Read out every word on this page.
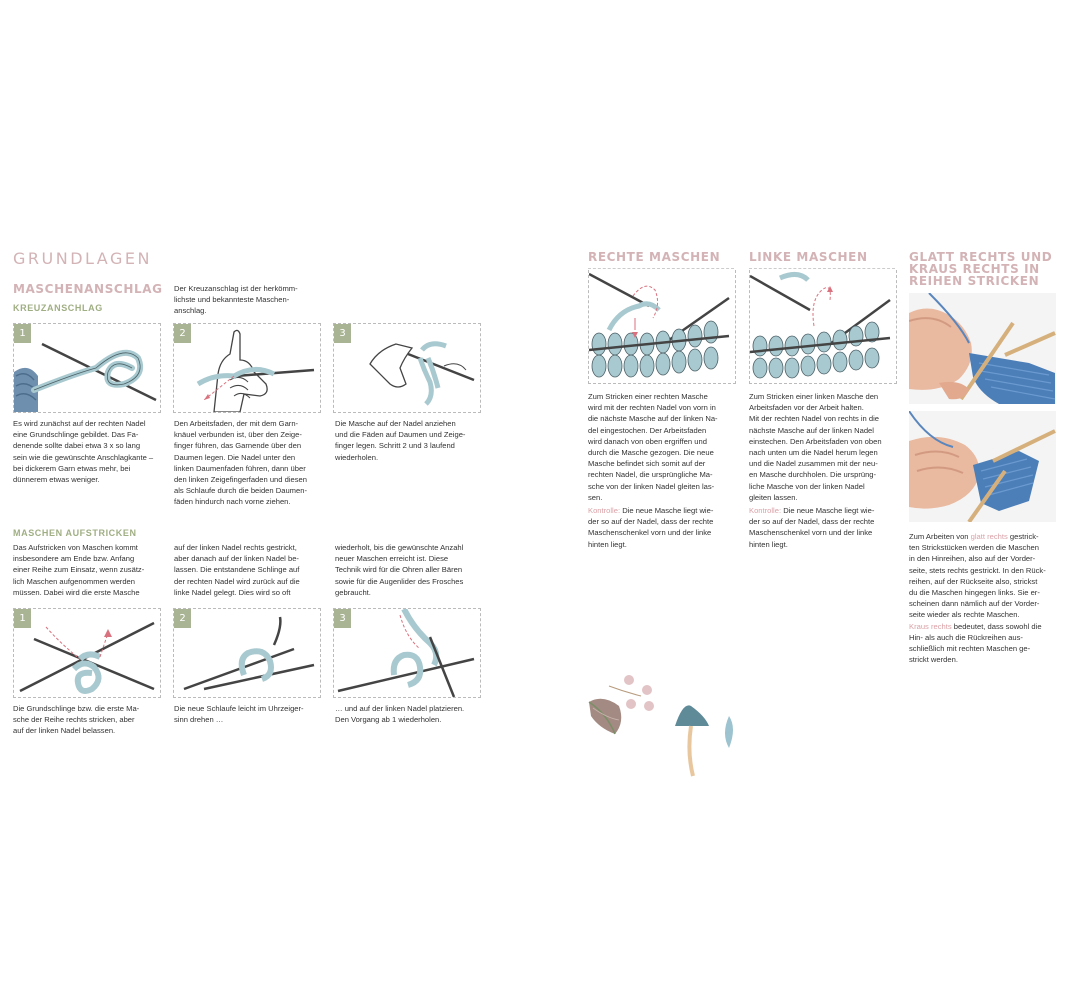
GRUNDLAGEN
MASCHENANSCHLAG
KREUZANSCHLAG

Der Kreuzanschlag ist der herkömm-

lichste und bekannteste Maschen-

anschlag.

1	2	3

Es wird zunächst auf der rechten Nadel

eine Grundschlinge gebildet. Das Fa-

denende sollte dabei etwa 3 x so lang

sein wie die gewünschte Anschlagkante –

bei dickerem Garn etwas mehr, bei

dünnerem etwas weniger.

Den Arbeitsfaden, der mit dem Garn-

knäuel verbunden ist, über den Zeige-

finger führen, das Garnende über den

Daumen legen. Die Nadel unter den

linken Daumenfaden führen, dann über

den linken Zeigefingerfaden und diesen

als Schlaufe durch die beiden Daumen-

fäden hindurch nach vorne ziehen.

Die Masche auf der Nadel anziehen

und die Fäden auf Daumen und Zeige-

finger legen. Schritt 2 und 3 laufend

wiederholen.

MASCHEN AUFSTRICKEN

Das Aufstricken von Maschen kommt

insbesondere am Ende bzw. Anfang

einer Reihe zum Einsatz, wenn zusätz-

lich Maschen aufgenommen werden

müssen. Dabei wird die erste Masche

auf der linken Nadel rechts gestrickt,

aber danach auf der linken Nadel be-

lassen. Die entstandene Schlinge auf

der rechten Nadel wird zurück auf die

linke Nadel gelegt. Dies wird so oft

wiederholt, bis die gewünschte Anzahl

neuer Maschen erreicht ist. Diese

Technik wird für die Ohren aller Bären

sowie für die Augenlider des Frosches

gebraucht.

1	2	3

Die Grundschlinge bzw. die erste Ma-

sche der Reihe rechts stricken, aber

auf der linken Nadel belassen.

Die neue Schlaufe leicht im Uhrzeiger-

sinn drehen …

… und auf der linken Nadel platzieren.

Den Vorgang ab 1 wiederholen.

RECHTE MASCHEN

Zum Stricken einer rechten Masche

wird mit der rechten Nadel von vorn in

die nächste Masche auf der linken Na-

del eingestochen. Der Arbeitsfaden

wird danach von oben ergriffen und

durch die Masche gezogen. Die neue

Masche befindet sich somit auf der

rechten Nadel, die ursprüngliche Ma-

sche von der linken Nadel gleiten las-

sen.

Kontrolle: Die neue Masche liegt wie-

der so auf der Nadel, dass der rechte

Maschenschenkel vorn und der linke

hinten liegt.

LINKE MASCHEN

Zum Stricken einer linken Masche den

Arbeitsfaden vor der Arbeit halten.

Mit der rechten Nadel von rechts in die

nächste Masche auf der linken Nadel

einstechen. Den Arbeitsfaden von oben

nach unten um die Nadel herum legen

und die Nadel zusammen mit der neu-

en Masche durchholen. Die ursprüng-

liche Masche von der linken Nadel

gleiten lassen.

Kontrolle: Die neue Masche liegt wie-

der so auf der Nadel, dass der rechte

Maschenschenkel vorn und der linke

hinten liegt.

GLATT RECHTS UND
KRAUS RECHTS IN
REIHEN STRICKEN

Zum Arbeiten von glatt rechts gestrick-

ten Strickstücken werden die Maschen

in den Hinreihen, also auf der Vorder-

seite, stets rechts gestrickt. In den Rück-

reihen, auf der Rückseite also, strickst

du die Maschen hingegen links. Sie er-

scheinen dann nämlich auf der Vorder-

seite wieder als rechte Maschen.

Kraus rechts bedeutet, dass sowohl die

Hin- als auch die Rückreihen aus-

schließlich mit rechten Maschen ge-

strickt werden.
